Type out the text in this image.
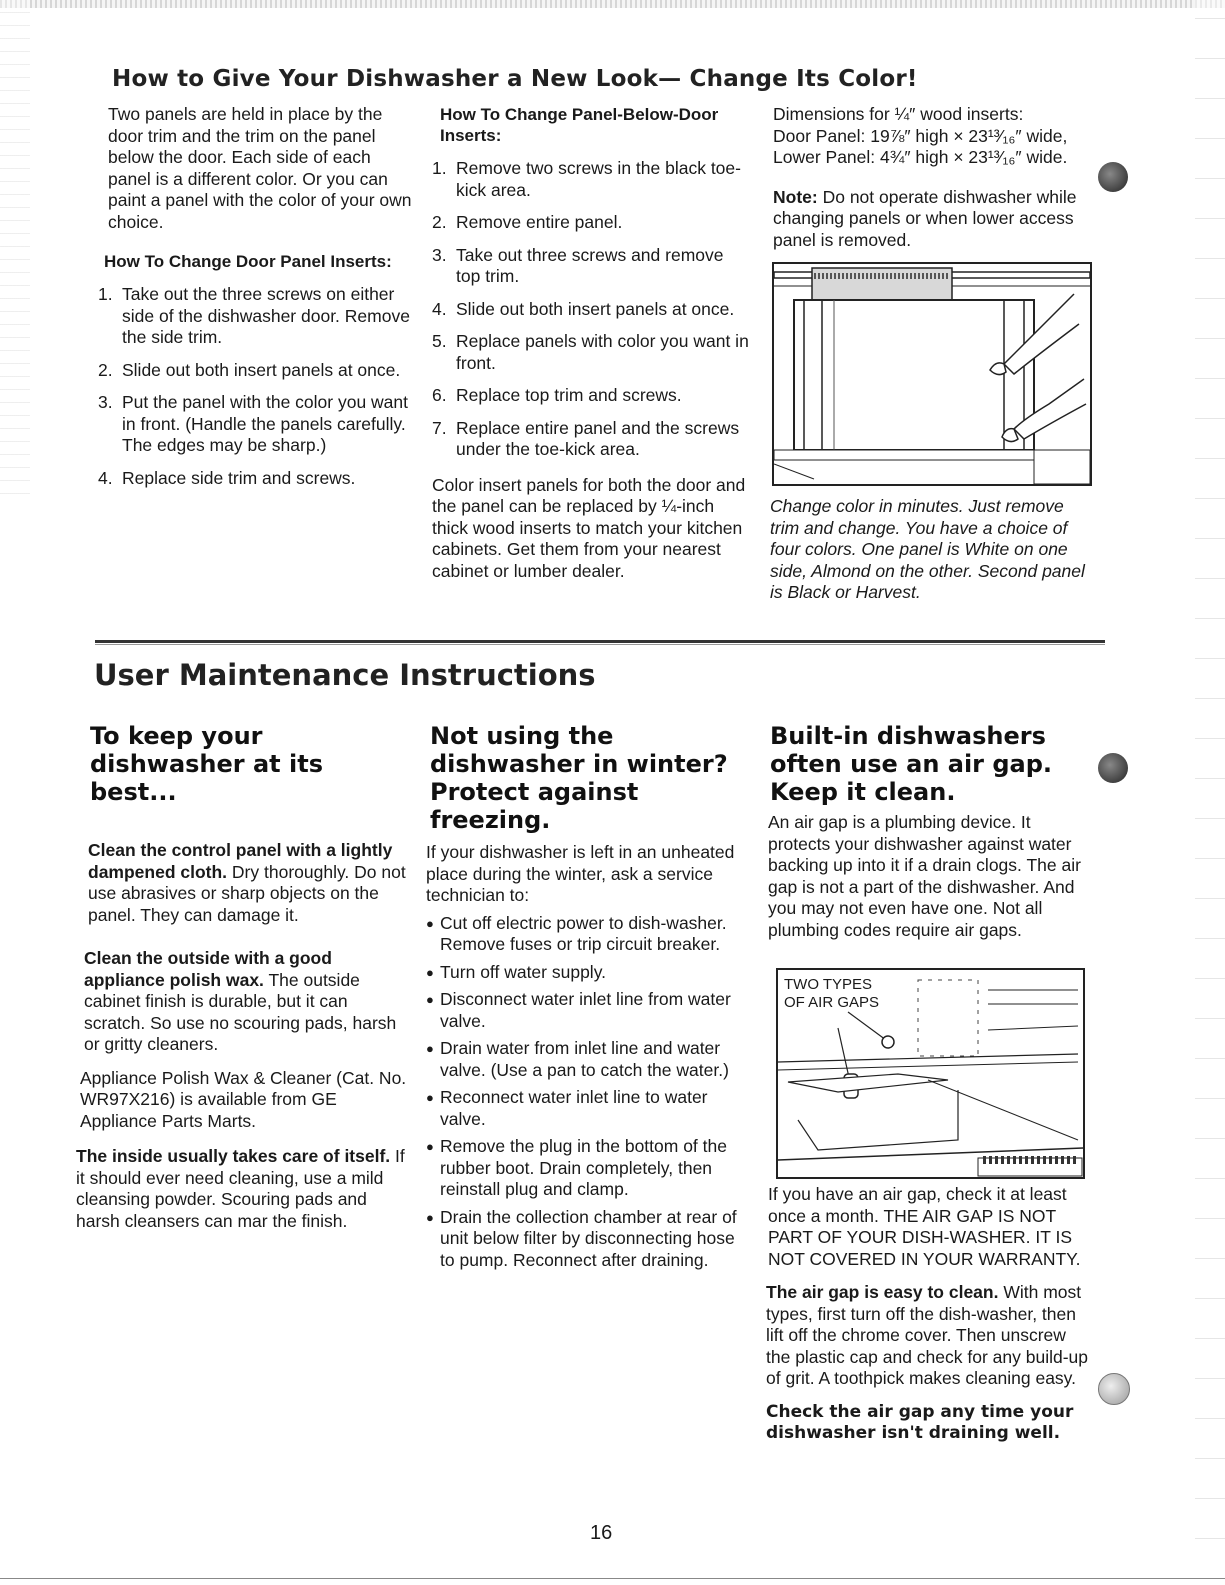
How to Give Your Dishwasher a New Look— Change Its Color!

Two panels are held in place by the door trim and the trim on the panel below the door. Each side of each panel is a different color. Or you can paint a panel with the color of your own choice.

How To Change Door Panel Inserts:

1. Take out the three screws on either side of the dishwasher door. Remove the side trim.
2. Slide out both insert panels at once.
3. Put the panel with the color you want in front. (Handle the panels carefully. The edges may be sharp.)
4. Replace side trim and screws.

How To Change Panel-Below-Door Inserts:

1. Remove two screws in the black toe-kick area.
2. Remove entire panel.
3. Take out three screws and remove top trim.
4. Slide out both insert panels at once.
5. Replace panels with color you want in front.
6. Replace top trim and screws.
7. Replace entire panel and the screws under the toe-kick area.

Color insert panels for both the door and the panel can be replaced by ¼-inch thick wood inserts to match your kitchen cabinets. Get them from your nearest cabinet or lumber dealer.

Dimensions for ¼″ wood inserts:

Door Panel: 19⅞″ high × 23¹³⁄₁₆″ wide,

Lower Panel: 4¾″ high × 23¹³⁄₁₆″ wide.

Note: Do not operate dishwasher while changing panels or when lower access panel is removed.

Change color in minutes. Just remove trim and change. You have a choice of four colors. One panel is White on one side, Almond on the other. Second panel is Black or Harvest.

User Maintenance Instructions

To keep your dishwasher at its best...

Clean the control panel with a lightly dampened cloth. Dry thoroughly. Do not use abrasives or sharp objects on the panel. They can damage it.

Clean the outside with a good appliance polish wax. The outside cabinet finish is durable, but it can scratch. So use no scouring pads, harsh or gritty cleaners.

Appliance Polish Wax & Cleaner (Cat. No. WR97X216) is available from GE Appliance Parts Marts.

The inside usually takes care of itself. If it should ever need cleaning, use a mild cleansing powder. Scouring pads and harsh cleansers can mar the finish.

Not using the dishwasher in winter? Protect against freezing.

If your dishwasher is left in an unheated place during the winter, ask a service technician to:

● Cut off electric power to dish-washer. Remove fuses or trip circuit breaker.
● Turn off water supply.
● Disconnect water inlet line from water valve.
● Drain water from inlet line and water valve. (Use a pan to catch the water.)
● Reconnect water inlet line to water valve.
● Remove the plug in the bottom of the rubber boot. Drain completely, then reinstall plug and clamp.
● Drain the collection chamber at rear of unit below filter by disconnecting hose to pump. Reconnect after draining.

Built-in dishwashers often use an air gap. Keep it clean.

An air gap is a plumbing device. It protects your dishwasher against water backing up into it if a drain clogs. The air gap is not a part of the dishwasher. And you may not even have one. Not all plumbing codes require air gaps.

TWO TYPES OF AIR GAPS

If you have an air gap, check it at least once a month. THE AIR GAP IS NOT PART OF YOUR DISH-WASHER. IT IS NOT COVERED IN YOUR WARRANTY.

The air gap is easy to clean. With most types, first turn off the dish-washer, then lift off the chrome cover. Then unscrew the plastic cap and check for any build-up of grit. A toothpick makes cleaning easy.

Check the air gap any time your dishwasher isn't draining well.

16
